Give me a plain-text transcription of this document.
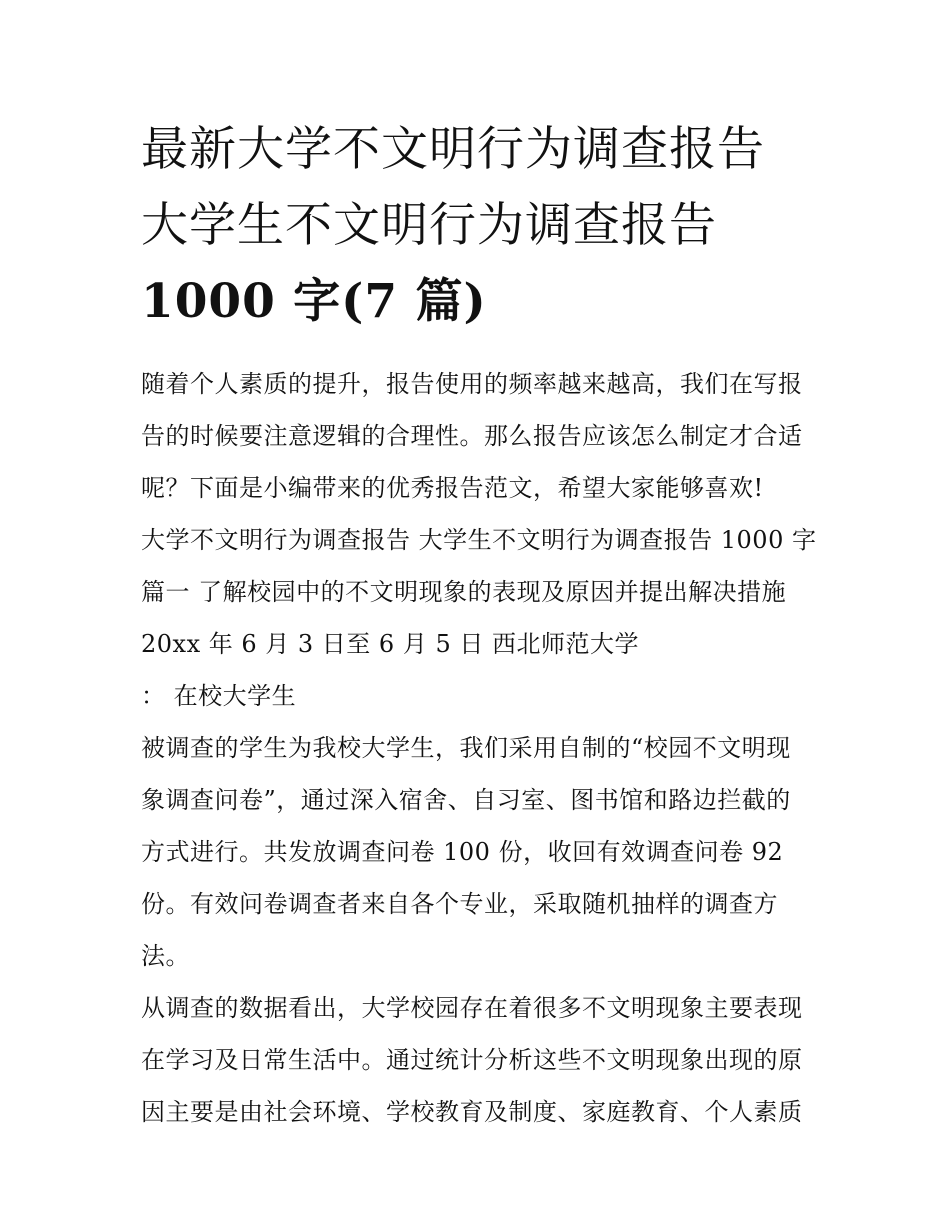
最新大学不文明行为调查报告
大学生不文明行为调查报告
1000 字(7 篇)

随着个人素质的提升，报告使用的频率越来越高，我们在写报
告的时候要注意逻辑的合理性。那么报告应该怎么制定才合适
呢？下面是小编带来的优秀报告范文，希望大家能够喜欢!

大学不文明行为调查报告 大学生不文明行为调查报告 1000 字

篇一 了解校园中的不文明现象的表现及原因并提出解决措施

20xx 年 6 月 3 日至 6 月 5 日 西北师范大学

： 在校大学生

被调查的学生为我校大学生，我们采用自制的“校园不文明现
象调查问卷”，通过深入宿舍、自习室、图书馆和路边拦截的
方式进行。共发放调查问卷 100 份，收回有效调查问卷 92
份。有效问卷调查者来自各个专业，采取随机抽样的调查方
法。

从调查的数据看出，大学校园存在着很多不文明现象主要表现
在学习及日常生活中。通过统计分析这些不文明现象出现的原
因主要是由社会环境、学校教育及制度、家庭教育、个人素质
